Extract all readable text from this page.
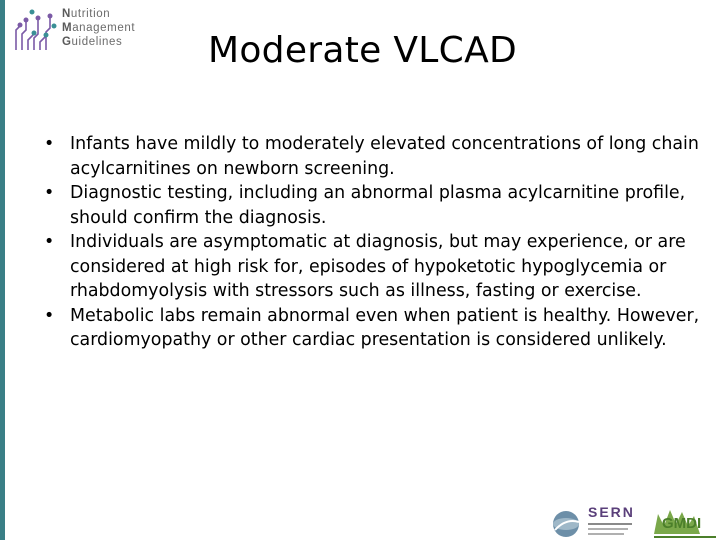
Nutrition
Management
Guidelines	Moderate VLCAD
• Infants have mildly to moderately elevated concentrations of long chain acylcarnitines on newborn screening.
• Diagnostic testing, including an abnormal plasma acylcarnitine profile, should confirm the diagnosis.
• Individuals are asymptomatic at diagnosis, but may experience, or are considered at high risk for, episodes of hypoketotic hypoglycemia or rhabdomyolysis with stressors such as illness, fasting or exercise.
• Metabolic labs remain abnormal even when patient is healthy. However, cardiomyopathy or other cardiac presentation is considered unlikely.
SERN
GMDI
